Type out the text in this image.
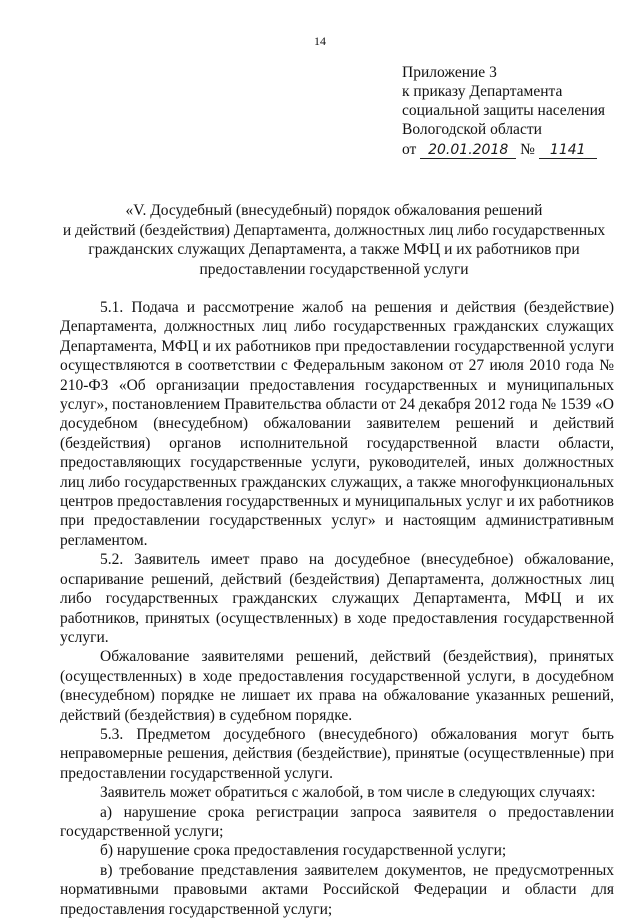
14
Приложение 3
к приказу Департамента
социальной защиты населения
Вологодской области
от 20.01.2018 № 1141
«V. Досудебный (внесудебный) порядок обжалования решений
и действий (бездействия) Департамента, должностных лиц либо государственных
гражданских служащих Департамента, а также МФЦ и их работников при
предоставлении государственной услуги

5.1. Подача и рассмотрение жалоб на решения и действия (бездействие) Департамента, должностных лиц либо государственных гражданских служащих Департамента, МФЦ и их работников при предоставлении государственной услуги осуществляются в соответствии с Федеральным законом от 27 июля 2010 года № 210-ФЗ «Об организации предоставления государственных и муниципальных услуг», постановлением Правительства области от 24 декабря 2012 года № 1539 «О досудебном (внесудебном) обжаловании заявителем решений и действий (бездействия) органов исполнительной государственной власти области, предоставляющих государственные услуги, руководителей, иных должностных лиц либо государственных гражданских служащих, а также многофункциональных центров предоставления государственных и муниципальных услуг и их работников при предоставлении государственных услуг» и настоящим административным регламентом.

5.2. Заявитель имеет право на досудебное (внесудебное) обжалование, оспаривание решений, действий (бездействия) Департамента, должностных лиц либо государственных гражданских служащих Департамента, МФЦ и их работников, принятых (осуществленных) в ходе предоставления государственной услуги.

Обжалование заявителями решений, действий (бездействия), принятых (осуществленных) в ходе предоставления государственной услуги, в досудебном (внесудебном) порядке не лишает их права на обжалование указанных решений, действий (бездействия) в судебном порядке.

5.3. Предметом досудебного (внесудебного) обжалования могут быть неправомерные решения, действия (бездействие), принятые (осуществленные) при предоставлении государственной услуги.

Заявитель может обратиться с жалобой, в том числе в следующих случаях:

а) нарушение срока регистрации запроса заявителя о предоставлении государственной услуги;

б) нарушение срока предоставления государственной услуги;

в) требование представления заявителем документов, не предусмотренных нормативными правовыми актами Российской Федерации и области для предоставления государственной услуги;
